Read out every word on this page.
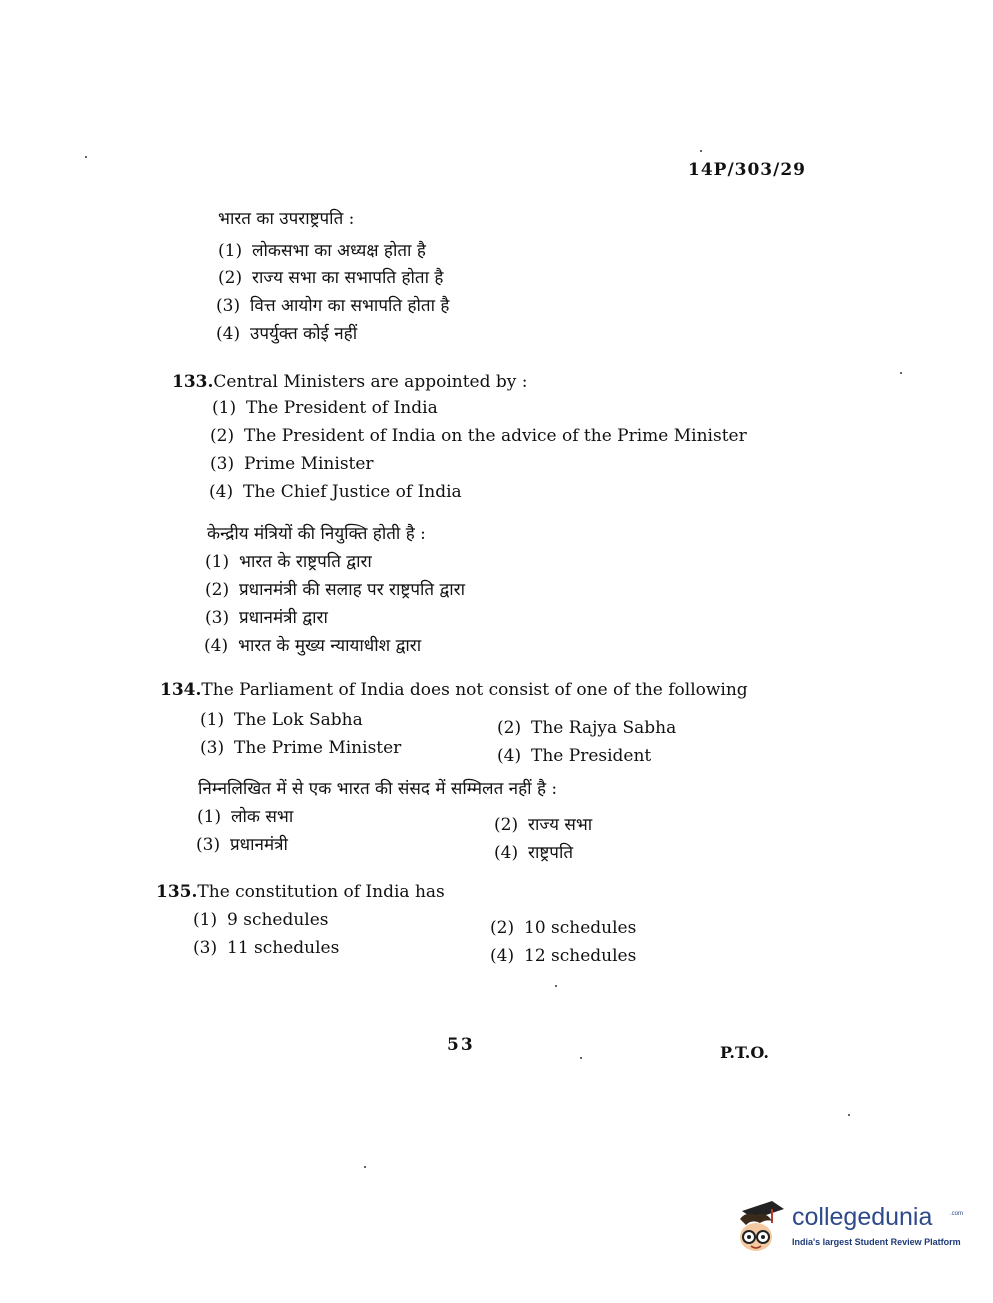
14P/303/29
भारत का उपराष्ट्रपति :
(1) लोकसभा का अध्यक्ष होता है
(2) राज्य सभा का सभापति होता है
(3) वित्त आयोग का सभापति होता है
(4) उपर्युक्त कोई नहीं
133.Central Ministers are appointed by :
(1) The President of India
(2) The President of India on the advice of the Prime Minister
(3) Prime Minister
(4) The Chief Justice of India
केन्द्रीय मंत्रियों की नियुक्ति होती है :
(1) भारत के राष्ट्रपति द्वारा
(2) प्रधानमंत्री की सलाह पर राष्ट्रपति द्वारा
(3) प्रधानमंत्री द्वारा
(4) भारत के मुख्य न्यायाधीश द्वारा
134.The Parliament of India does not consist of one of the following
(1) The Lok Sabha	(2) The Rajya Sabha
(3) The Prime Minister	(4) The President
निम्नलिखित में से एक भारत की संसद में सम्मिलत नहीं है :
(1) लोक सभा	(2) राज्य सभा
(3) प्रधानमंत्री	(4) राष्ट्रपति
135.The constitution of India has
(1) 9 schedules	(2) 10 schedules
(3) 11 schedules	(4) 12 schedules
53	P.T.O.
collegedunia	.com
India's largest Student Review Platform
